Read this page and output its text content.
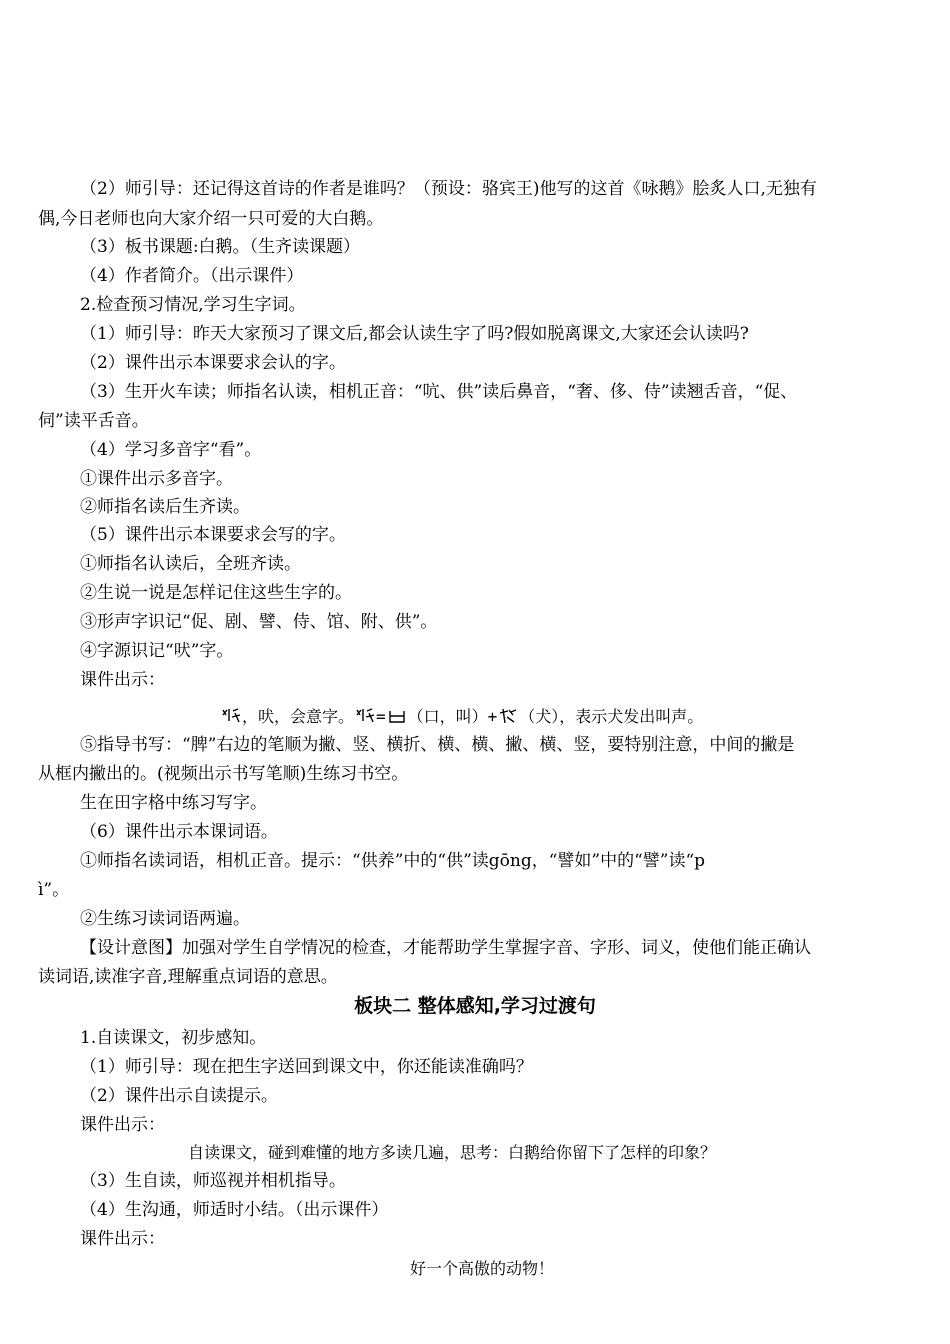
（2）师引导：还记得这首诗的作者是谁吗？（预设：骆宾王)他写的这首《咏鹅》脍炙人口,无独有
偶,今日老师也向大家介绍一只可爱的大白鹅。
（3）板书课题:白鹅。（生齐读课题）
（4）作者简介。（出示课件）
2.检查预习情况,学习生字词。
（1）师引导：昨天大家预习了课文后,都会认读生字了吗?假如脱离课文,大家还会认读吗?
（2）课件出示本课要求会认的字。
（3）生开火车读；师指名认读，相机正音：“吭、供”读后鼻音，“奢、侈、侍”读翘舌音，“促、
伺”读平舌音。
（4）学习多音字“看”。
①课件出示多音字。
②师指名读后生齐读。
（5）课件出示本课要求会写的字。
①师指名认读后，全班齐读。
②生说一说是怎样记住这些生字的。
③形声字识记“促、剧、譬、侍、馆、附、供”。
④字源识记“吠”字。
课件出示：
，吠，会意字。 = （口，叫）+ （犬），表示犬发出叫声。
⑤指导书写：“脾”右边的笔顺为撇、竖、横折、横、横、撇、横、竖，要特别注意，中间的撇是
从框内撇出的。(视频出示书写笔顺)生练习书空。
生在田字格中练习写字。
（6）课件出示本课词语。
①师指名读词语，相机正音。提示：“供养”中的“供”读gōng，“譬如”中的“譬”读“p
ì”。
②生练习读词语两遍。
【设计意图】加强对学生自学情况的检查，才能帮助学生掌握字音、字形、词义，使他们能正确认
读词语,读准字音,理解重点词语的意思。
板块二 整体感知,学习过渡句
1.自读课文，初步感知。
（1）师引导：现在把生字送回到课文中，你还能读准确吗？
（2）课件出示自读提示。
课件出示：
自读课文，碰到难懂的地方多读几遍，思考：白鹅给你留下了怎样的印象？
（3）生自读，师巡视并相机指导。
（4）生沟通，师适时小结。（出示课件）
课件出示：
好一个高傲的动物！
